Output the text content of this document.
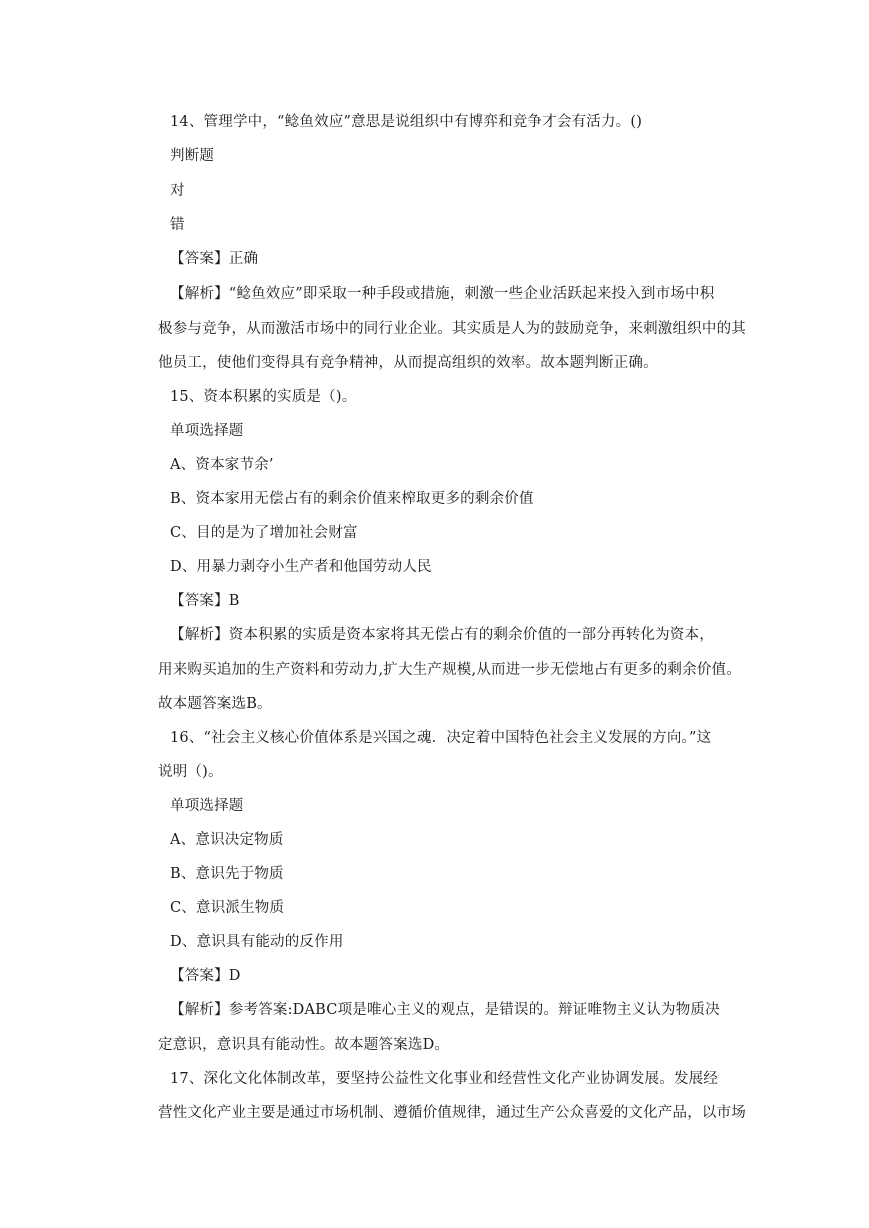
14、管理学中，“鲶鱼效应”意思是说组织中有博弈和竞争才会有活力。()
判断题
对
错
【答案】正确
【解析】“鲶鱼效应”即采取一种手段或措施，刺激一些企业活跃起来投入到市场中积
极参与竞争，从而激活市场中的同行业企业。其实质是人为的鼓励竞争，来刺激组织中的其
他员工，使他们变得具有竞争精神，从而提高组织的效率。故本题判断正确。
15、资本积累的实质是（)。
单项选择题
A、资本家节余’
B、资本家用无偿占有的剩余价值来榨取更多的剩余价值
C、目的是为了增加社会财富
D、用暴力剥夺小生产者和他国劳动人民
【答案】B
【解析】资本积累的实质是资本家将其无偿占有的剩余价值的一部分再转化为资本，
用来购买追加的生产资料和劳动力,扩大生产规模,从而进一步无偿地占有更多的剩余价值。
故本题答案选B。
16、“社会主义核心价值体系是兴国之魂．决定着中国特色社会主义发展的方向。”这
说明（)。
单项选择题
A、意识决定物质
B、意识先于物质
C、意识派生物质
D、意识具有能动的反作用
【答案】D
【解析】参考答案:DABC项是唯心主义的观点，是错误的。辩证唯物主义认为物质决
定意识，意识具有能动性。故本题答案选D。
17、深化文化体制改革，要坚持公益性文化事业和经营性文化产业协调发展。发展经
营性文化产业主要是通过市场机制、遵循价值规律，通过生产公众喜爱的文化产品，以市场
